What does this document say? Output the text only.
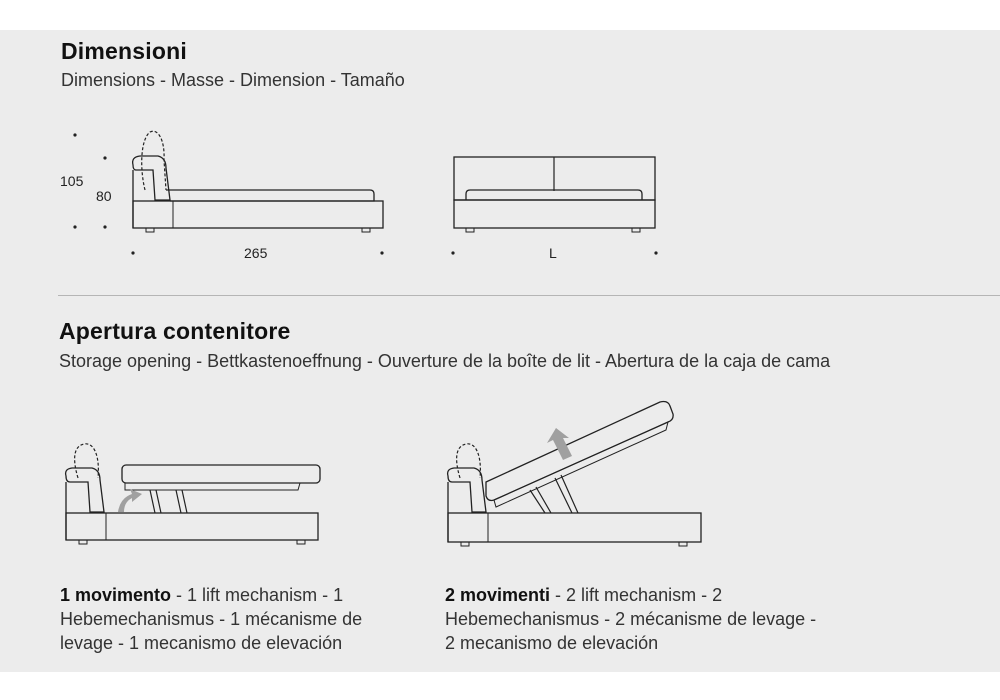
Dimensioni
Dimensions - Masse - Dimension - Tamaño
105
80
265	L
Apertura contenitore
Storage opening - Bettkastenoeffnung - Ouverture de la boîte de lit - Abertura de la caja de cama
1 movimento - 1 lift mechanism - 1 Hebemechanismus - 1 mécanisme de levage - 1 mecanismo de elevación
2 movimenti - 2 lift mechanism - 2 Hebemechanismus - 2 mécanisme de levage - 2 mecanismo de elevación
